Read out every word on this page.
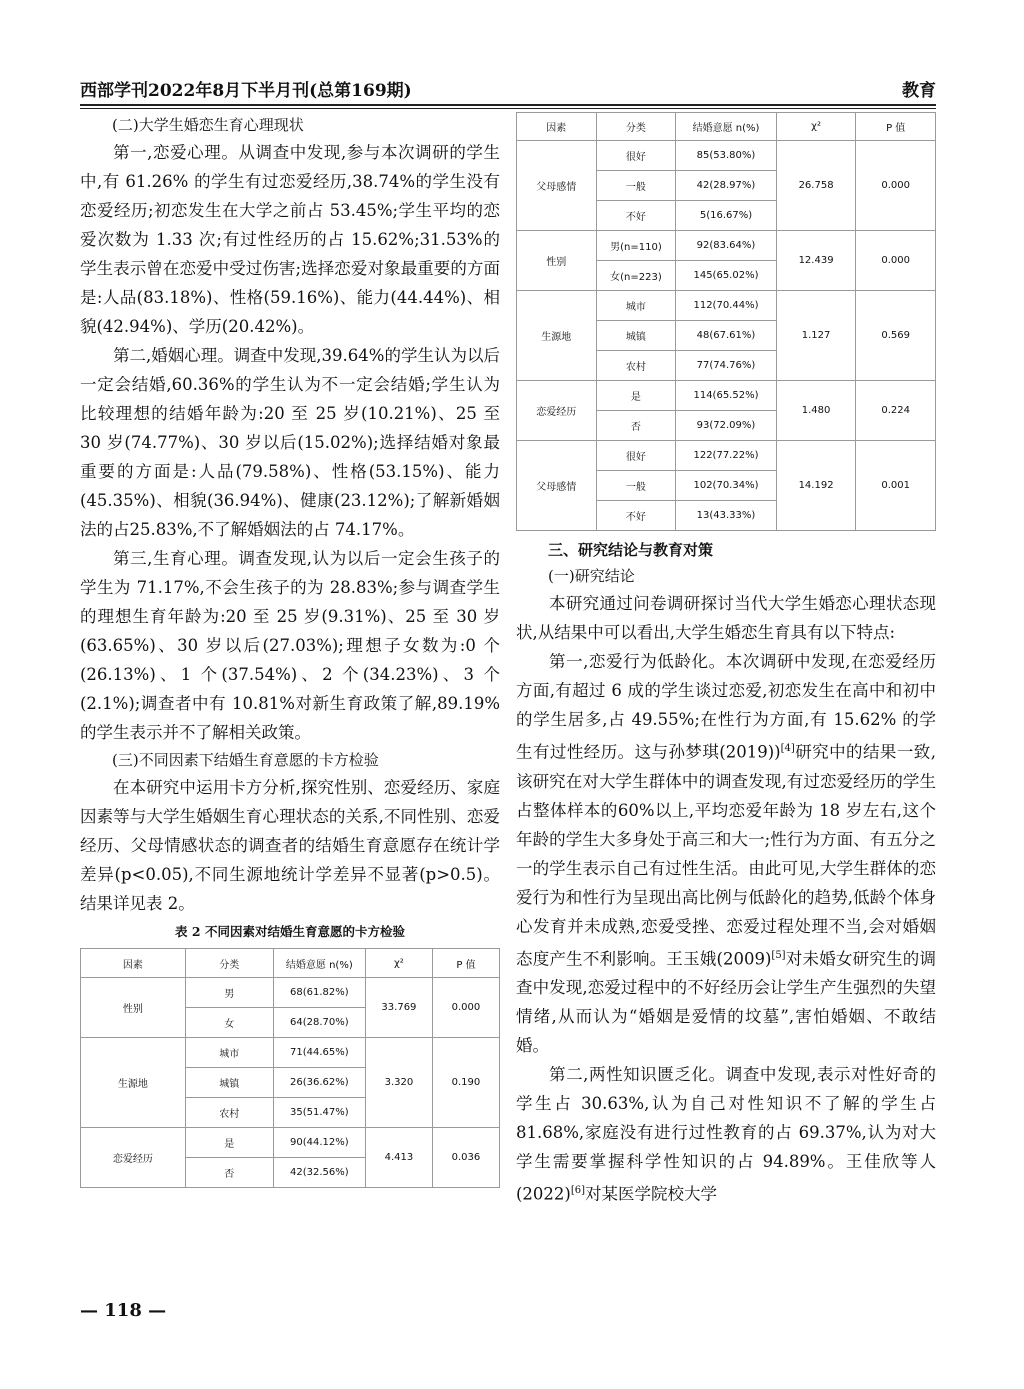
西部学刊2022年8月下半月刊(总第169期)	教育
(二)大学生婚恋生育心理现状

第一,恋爱心理。从调查中发现,参与本次调研的学生中,有 61.26% 的学生有过恋爱经历,38.74%的学生没有恋爱经历;初恋发生在大学之前占 53.45%;学生平均的恋爱次数为 1.33 次;有过性经历的占 15.62%;31.53%的学生表示曾在恋爱中受过伤害;选择恋爱对象最重要的方面是:人品(83.18%)、性格(59.16%)、能力(44.44%)、相貌(42.94%)、学历(20.42%)。

第二,婚姻心理。调查中发现,39.64%的学生认为以后一定会结婚,60.36%的学生认为不一定会结婚;学生认为比较理想的结婚年龄为:20 至 25 岁(10.21%)、25 至 30 岁(74.77%)、30 岁以后(15.02%);选择结婚对象最重要的方面是:人品(79.58%)、性格(53.15%)、能力(45.35%)、相貌(36.94%)、健康(23.12%);了解新婚姻法的占25.83%,不了解婚姻法的占 74.17%。

第三,生育心理。调查发现,认为以后一定会生孩子的学生为 71.17%,不会生孩子的为 28.83%;参与调查学生的理想生育年龄为:20 至 25 岁(9.31%)、25 至 30 岁(63.65%)、30 岁以后(27.03%);理想子女数为:0 个(26.13%)、1 个(37.54%)、2 个(34.23%)、3 个(2.1%);调查者中有 10.81%对新生育政策了解,89.19%的学生表示并不了解相关政策。

(三)不同因素下结婚生育意愿的卡方检验

在本研究中运用卡方分析,探究性别、恋爱经历、家庭因素等与大学生婚姻生育心理状态的关系,不同性别、恋爱经历、父母情感状态的调查者的结婚生育意愿存在统计学差异(p<0.05),不同生源地统计学差异不显著(p>0.5)。结果详见表 2。

表 2 不同因素对结婚生育意愿的卡方检验
因素	分类	结婚意愿 n(%)	χ²	P 值
性别	男	68(61.82%)	33.769	0.000
	女	64(28.70%)		
生源地	城市	71(44.65%)	3.320	0.190
	城镇	26(36.62%)		
	农村	35(51.47%)		
恋爱经历	是	90(44.12%)	4.413	0.036
	否	42(32.56%)		
因素	分类	结婚意愿 n(%)	χ²	P 值
父母感情	很好	85(53.80%)	26.758	0.000
	一般	42(28.97%)		
	不好	5(16.67%)		
性别	男(n=110)	92(83.64%)	12.439	0.000
	女(n=223)	145(65.02%)		
生源地	城市	112(70.44%)	1.127	0.569
	城镇	48(67.61%)		
	农村	77(74.76%)		
恋爱经历	是	114(65.52%)	1.480	0.224
	否	93(72.09%)		
父母感情	很好	122(77.22%)	14.192	0.001
	一般	102(70.34%)		
	不好	13(43.33%)		
三、研究结论与教育对策
(一)研究结论

本研究通过问卷调研探讨当代大学生婚恋心理状态现状,从结果中可以看出,大学生婚恋生育具有以下特点:

第一,恋爱行为低龄化。本次调研中发现,在恋爱经历方面,有超过 6 成的学生谈过恋爱,初恋发生在高中和初中的学生居多,占 49.55%;在性行为方面,有 15.62% 的学生有过性经历。这与孙梦琪(2019))[4]研究中的结果一致,该研究在对大学生群体中的调查发现,有过恋爱经历的学生占整体样本的60%以上,平均恋爱年龄为 18 岁左右,这个年龄的学生大多身处于高三和大一;性行为方面、有五分之一的学生表示自己有过性生活。由此可见,大学生群体的恋爱行为和性行为呈现出高比例与低龄化的趋势,低龄个体身心发育并未成熟,恋爱受挫、恋爱过程处理不当,会对婚姻态度产生不利影响。王玉娥(2009)[5]对未婚女研究生的调查中发现,恋爱过程中的不好经历会让学生产生强烈的失望情绪,从而认为“婚姻是爱情的坟墓”,害怕婚姻、不敢结婚。

第二,两性知识匮乏化。调查中发现,表示对性好奇的学生占 30.63%,认为自己对性知识不了解的学生占 81.68%,家庭没有进行过性教育的占 69.37%,认为对大学生需要掌握科学性知识的占 94.89%。王佳欣等人(2022)[6]对某医学院校大学

— 118 —
